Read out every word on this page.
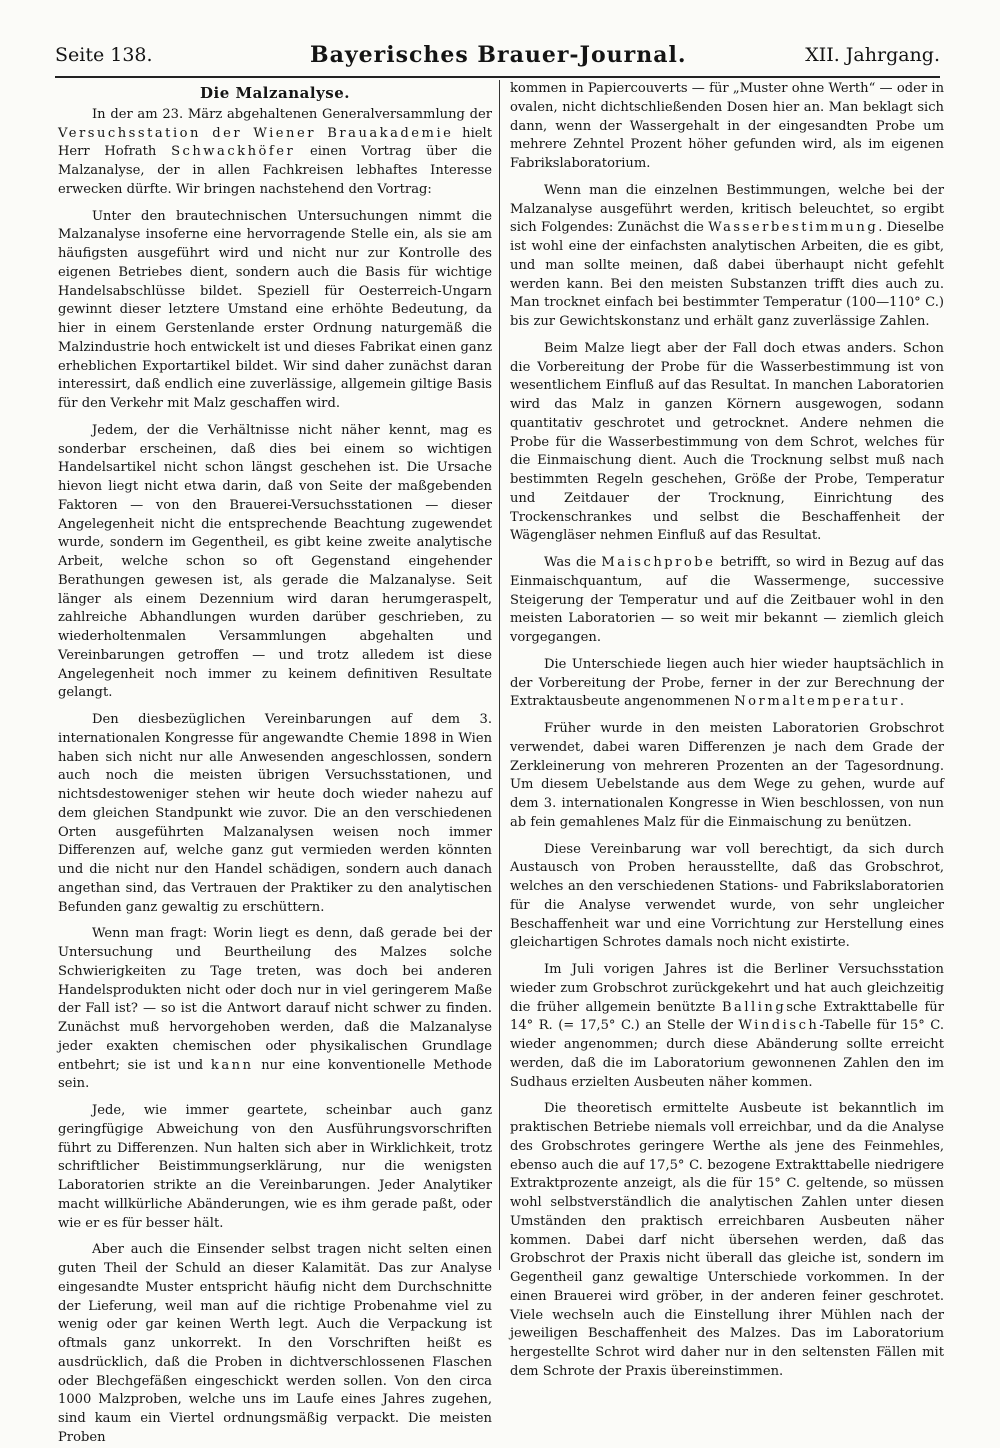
Seite 138.	Bayerisches Brauer-Journal.	XII. Jahrgang.
Die Malzanalyse.

In der am 23. März abgehaltenen Generalversammlung der Versuchsstation der Wiener Brauakademie hielt Herr Hofrath Schwackhöfer einen Vortrag über die Malzanalyse, der in allen Fachkreisen lebhaftes Interesse erwecken dürfte. Wir bringen nachstehend den Vortrag:

Unter den brautechnischen Untersuchungen nimmt die Malzanalyse insoferne eine hervorragende Stelle ein, als sie am häufigsten ausgeführt wird und nicht nur zur Kontrolle des eigenen Betriebes dient, sondern auch die Basis für wichtige Handelsabschlüsse bildet. Speziell für Oesterreich-Ungarn gewinnt dieser letztere Umstand eine erhöhte Bedeutung, da hier in einem Gerstenlande erster Ordnung naturgemäß die Malzindustrie hoch entwickelt ist und dieses Fabrikat einen ganz erheblichen Exportartikel bildet. Wir sind daher zunächst daran interessirt, daß endlich eine zuverlässige, allgemein giltige Basis für den Verkehr mit Malz geschaffen wird.

Jedem, der die Verhältnisse nicht näher kennt, mag es sonderbar erscheinen, daß dies bei einem so wichtigen Handelsartikel nicht schon längst geschehen ist. Die Ursache hievon liegt nicht etwa darin, daß von Seite der maßgebenden Faktoren — von den Brauerei-Versuchsstationen — dieser Angelegenheit nicht die entsprechende Beachtung zugewendet wurde, sondern im Gegentheil, es gibt keine zweite analytische Arbeit, welche schon so oft Gegenstand eingehender Berathungen gewesen ist, als gerade die Malzanalyse. Seit länger als einem Dezennium wird daran herumgeraspelt, zahlreiche Abhandlungen wurden darüber geschrieben, zu wiederholtenmalen Versammlungen abgehalten und Vereinbarungen getroffen — und trotz alledem ist diese Angelegenheit noch immer zu keinem definitiven Resultate gelangt.

Den diesbezüglichen Vereinbarungen auf dem 3. internationalen Kongresse für angewandte Chemie 1898 in Wien haben sich nicht nur alle Anwesenden angeschlossen, sondern auch noch die meisten übrigen Versuchsstationen, und nichtsdestoweniger stehen wir heute doch wieder nahezu auf dem gleichen Standpunkt wie zuvor. Die an den verschiedenen Orten ausgeführten Malzanalysen weisen noch immer Differenzen auf, welche ganz gut vermieden werden könnten und die nicht nur den Handel schädigen, sondern auch danach angethan sind, das Vertrauen der Praktiker zu den analytischen Befunden ganz gewaltig zu erschüttern.

Wenn man fragt: Worin liegt es denn, daß gerade bei der Untersuchung und Beurtheilung des Malzes solche Schwierigkeiten zu Tage treten, was doch bei anderen Handelsprodukten nicht oder doch nur in viel geringerem Maße der Fall ist? — so ist die Antwort darauf nicht schwer zu finden. Zunächst muß hervorgehoben werden, daß die Malzanalyse jeder exakten chemischen oder physikalischen Grundlage entbehrt; sie ist und kann nur eine konventionelle Methode sein.

Jede, wie immer geartete, scheinbar auch ganz geringfügige Abweichung von den Ausführungsvorschriften führt zu Differenzen. Nun halten sich aber in Wirklichkeit, trotz schriftlicher Beistimmungserklärung, nur die wenigsten Laboratorien strikte an die Vereinbarungen. Jeder Analytiker macht willkürliche Abänderungen, wie es ihm gerade paßt, oder wie er es für besser hält.

Aber auch die Einsender selbst tragen nicht selten einen guten Theil der Schuld an dieser Kalamität. Das zur Analyse eingesandte Muster entspricht häufig nicht dem Durchschnitte der Lieferung, weil man auf die richtige Probenahme viel zu wenig oder gar keinen Werth legt. Auch die Verpackung ist oftmals ganz unkorrekt. In den Vorschriften heißt es ausdrücklich, daß die Proben in dichtverschlossenen Flaschen oder Blechgefäßen eingeschickt werden sollen. Von den circa 1000 Malzproben, welche uns im Laufe eines Jahres zugehen, sind kaum ein Viertel ordnungsmäßig verpackt. Die meisten Proben

kommen in Papiercouverts — für „Muster ohne Werth“ — oder in ovalen, nicht dichtschließenden Dosen hier an. Man beklagt sich dann, wenn der Wassergehalt in der eingesandten Probe um mehrere Zehntel Prozent höher gefunden wird, als im eigenen Fabrikslaboratorium.

Wenn man die einzelnen Bestimmungen, welche bei der Malzanalyse ausgeführt werden, kritisch beleuchtet, so ergibt sich Folgendes: Zunächst die Wasserbestimmung. Dieselbe ist wohl eine der einfachsten analytischen Arbeiten, die es gibt, und man sollte meinen, daß dabei überhaupt nicht gefehlt werden kann. Bei den meisten Substanzen trifft dies auch zu. Man trocknet einfach bei bestimmter Temperatur (100—110° C.) bis zur Gewichtskonstanz und erhält ganz zuverlässige Zahlen.

Beim Malze liegt aber der Fall doch etwas anders. Schon die Vorbereitung der Probe für die Wasserbestimmung ist von wesentlichem Einfluß auf das Resultat. In manchen Laboratorien wird das Malz in ganzen Körnern ausgewogen, sodann quantitativ geschrotet und getrocknet. Andere nehmen die Probe für die Wasserbestimmung von dem Schrot, welches für die Einmaischung dient. Auch die Trocknung selbst muß nach bestimmten Regeln geschehen, Größe der Probe, Temperatur und Zeitdauer der Trocknung, Einrichtung des Trockenschrankes und selbst die Beschaffenheit der Wägengläser nehmen Einfluß auf das Resultat.

Was die Maischprobe betrifft, so wird in Bezug auf das Einmaischquantum, auf die Wassermenge, successive Steigerung der Temperatur und auf die Zeitbauer wohl in den meisten Laboratorien — so weit mir bekannt — ziemlich gleich vorgegangen.

Die Unterschiede liegen auch hier wieder hauptsächlich in der Vorbereitung der Probe, ferner in der zur Berechnung der Extraktausbeute angenommenen Normaltemperatur.

Früher wurde in den meisten Laboratorien Grobschrot verwendet, dabei waren Differenzen je nach dem Grade der Zerkleinerung von mehreren Prozenten an der Tagesordnung. Um diesem Uebelstande aus dem Wege zu gehen, wurde auf dem 3. internationalen Kongresse in Wien beschlossen, von nun ab fein gemahlenes Malz für die Einmaischung zu benützen.

Diese Vereinbarung war voll berechtigt, da sich durch Austausch von Proben herausstellte, daß das Grobschrot, welches an den verschiedenen Stations- und Fabrikslaboratorien für die Analyse verwendet wurde, von sehr ungleicher Beschaffenheit war und eine Vorrichtung zur Herstellung eines gleichartigen Schrotes damals noch nicht existirte.

Im Juli vorigen Jahres ist die Berliner Versuchsstation wieder zum Grobschrot zurückgekehrt und hat auch gleichzeitig die früher allgemein benützte Ballingsche Extrakttabelle für 14° R. (= 17,5° C.) an Stelle der Windisch-Tabelle für 15° C. wieder angenommen; durch diese Abänderung sollte erreicht werden, daß die im Laboratorium gewonnenen Zahlen den im Sudhaus erzielten Ausbeuten näher kommen.

Die theoretisch ermittelte Ausbeute ist bekanntlich im praktischen Betriebe niemals voll erreichbar, und da die Analyse des Grobschrotes geringere Werthe als jene des Feinmehles, ebenso auch die auf 17,5° C. bezogene Extrakttabelle niedrigere Extraktprozente anzeigt, als die für 15° C. geltende, so müssen wohl selbstverständlich die analytischen Zahlen unter diesen Umständen den praktisch erreichbaren Ausbeuten näher kommen. Dabei darf nicht übersehen werden, daß das Grobschrot der Praxis nicht überall das gleiche ist, sondern im Gegentheil ganz gewaltige Unterschiede vorkommen. In der einen Brauerei wird gröber, in der anderen feiner geschrotet. Viele wechseln auch die Einstellung ihrer Mühlen nach der jeweiligen Beschaffenheit des Malzes. Das im Laboratorium hergestellte Schrot wird daher nur in den seltensten Fällen mit dem Schrote der Praxis übereinstimmen.
